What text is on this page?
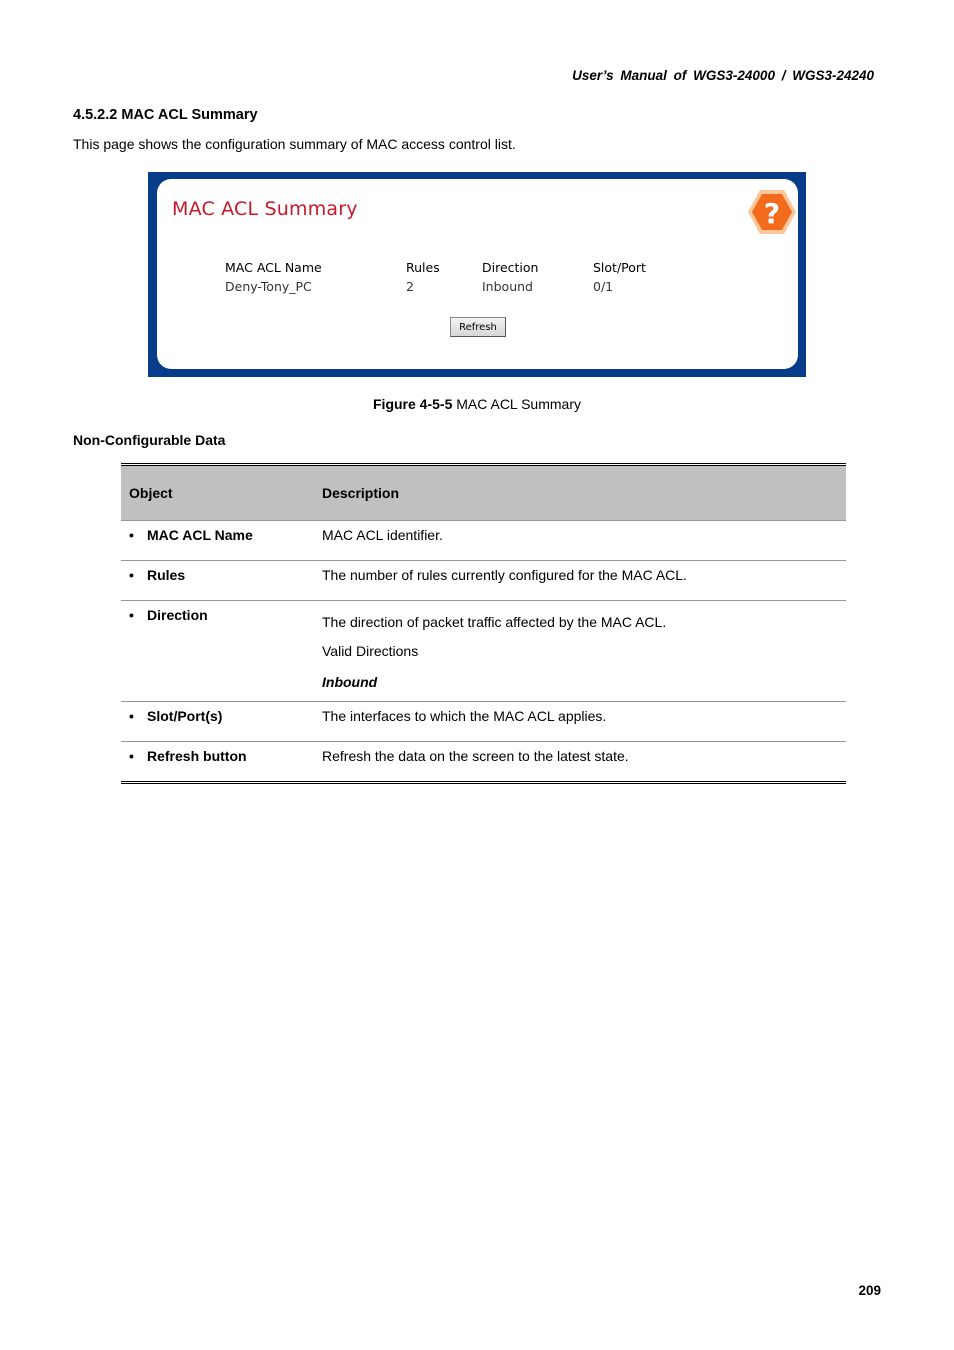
User’s Manual of WGS3-24000 / WGS3-24240
4.5.2.2 MAC ACL Summary
This page shows the configuration summary of MAC access control list.
MAC ACL Summary	?
MAC ACL Name	Rules	Direction	Slot/Port
Deny-Tony_PC	2	Inbound	0/1
Refresh
Figure 4-5-5 MAC ACL Summary
Non-Configurable Data
Object	Description
• MAC ACL Name	MAC ACL identifier.
• Rules	The number of rules currently configured for the MAC ACL.
• Direction	The direction of packet traffic affected by the MAC ACL.

Valid Directions

Inbound

• Slot/Port(s)	The interfaces to which the MAC ACL applies.
• Refresh button	Refresh the data on the screen to the latest state.
209
